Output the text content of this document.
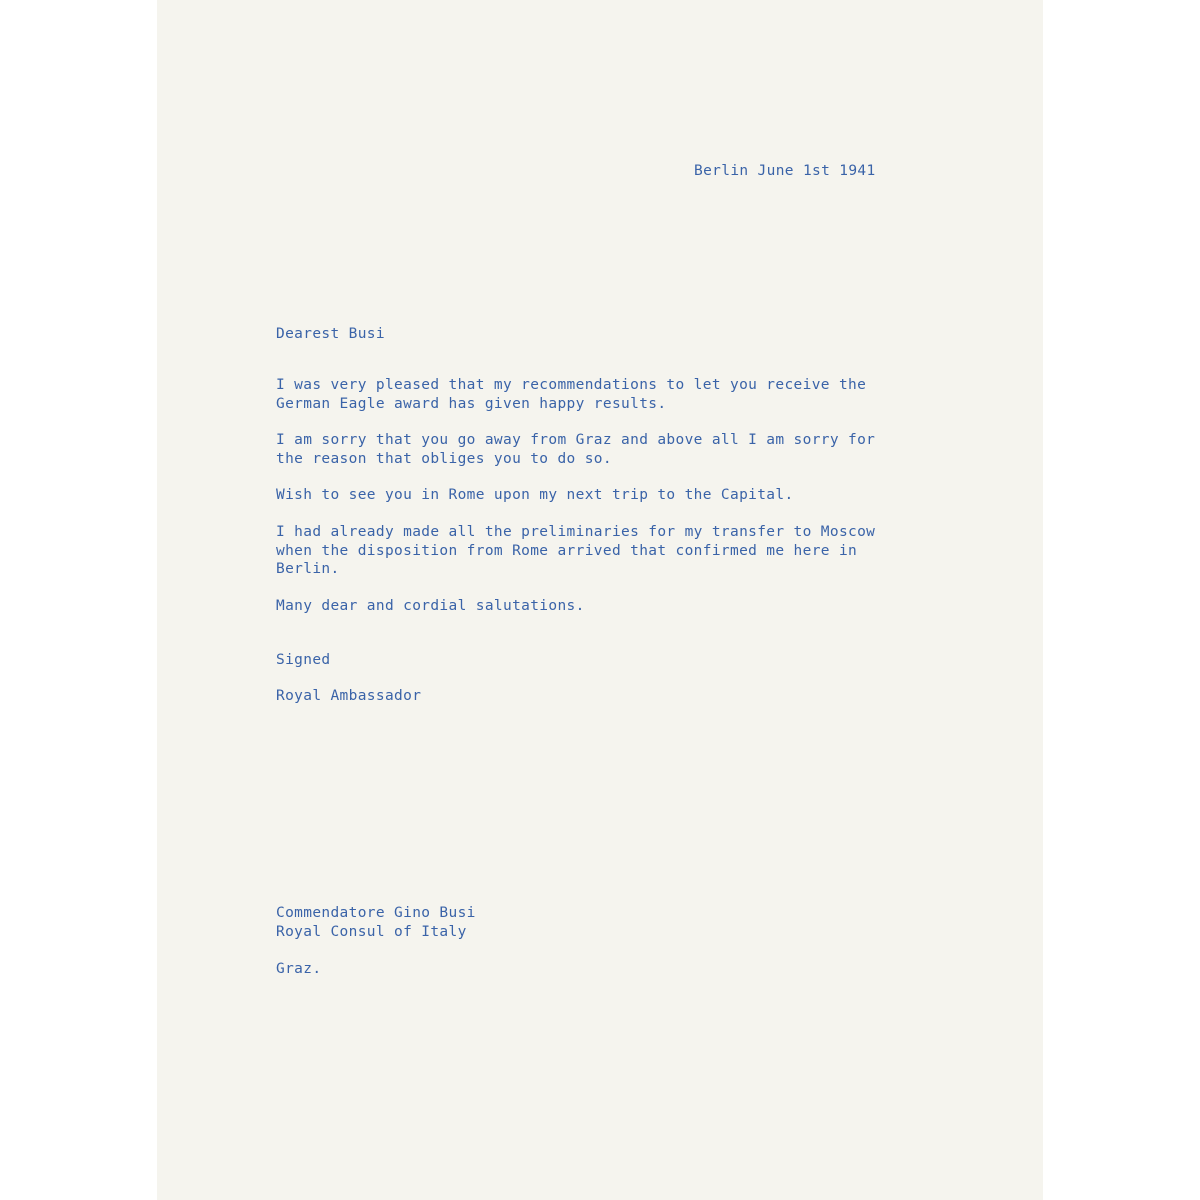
Berlin June 1st 1941
Dearest Busi
I was very pleased that my recommendations to let you receive the
German Eagle award has given happy results.
I am sorry that you go away from Graz and above all I am sorry for
the reason that obliges you to do so.
Wish to see you in Rome upon my next trip to the Capital.
I had already made all the preliminaries for my transfer to Moscow
when the disposition from Rome arrived that confirmed me here in
Berlin.
Many dear and cordial salutations.
Signed
Royal Ambassador
Commendatore Gino Busi
Royal Consul of Italy
Graz.
